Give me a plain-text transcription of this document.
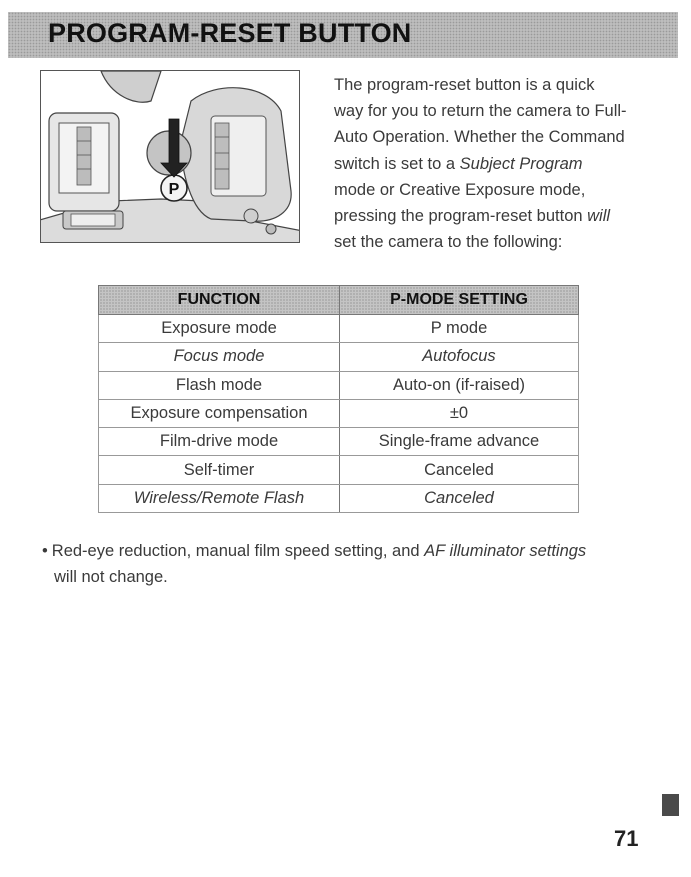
PROGRAM-RESET BUTTON
P
The program-reset button is a quick
way for you to return the camera to Full-
Auto Operation. Whether the Command
switch is set to a Subject Program
mode or Creative Exposure mode,
pressing the program-reset button will
set the camera to the following:
FUNCTION	P-MODE SETTING
Exposure mode	P mode
Focus mode	Autofocus
Flash mode	Auto-on (if-raised)
Exposure compensation	±0
Film-drive mode	Single-frame advance
Self-timer	Canceled
Wireless/Remote Flash	Canceled
• Red-eye reduction, manual film speed setting, and AF illuminator settings
will not change.
71
